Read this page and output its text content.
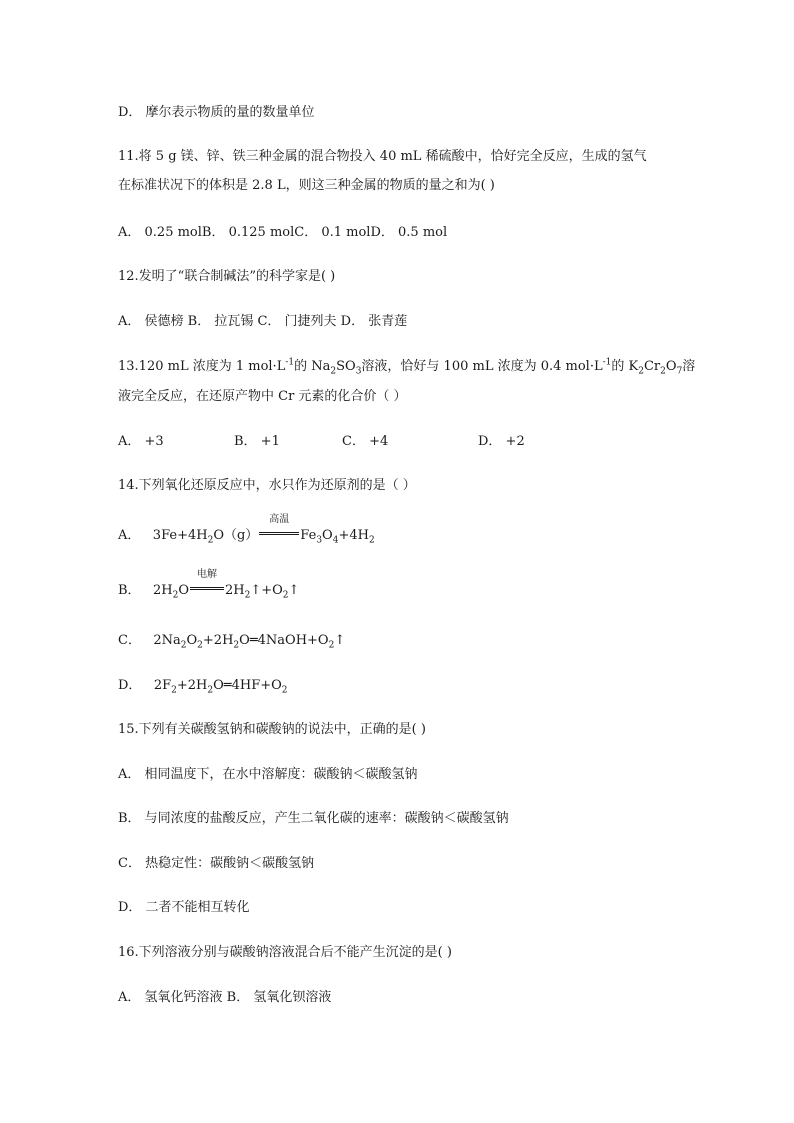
D． 摩尔表示物质的量的数量单位
11.将 5 g 镁、锌、铁三种金属的混合物投入 40 mL 稀硫酸中，恰好完全反应，生成的氢气
在标准状况下的体积是 2.8 L，则这三种金属的物质的量之和为( )
A． 0.25 molB． 0.125 molC． 0.1 molD． 0.5 mol
12.发明了“联合制碱法”的科学家是( )
A． 侯德榜 B． 拉瓦锡 C． 门捷列夫 D． 张青莲
13.120 mL 浓度为 1 $mol\cdot L^{-1}$的 $Na_2SO_3$溶液，恰好与 100 mL 浓度为 0.4 $mol\cdot L^{-1}$的 $K_2Cr_2O_7$溶
液完全反应，在还原产物中 Cr 元素的化合价（ ）
A． +3	B． +1	C． +4	D． +2
14.下列氧化还原反应中，水只作为还原剂的是（ ）
A． $3Fe+4H_2O(g)$
高温
$Fe_3O_4+4H_2$
B． $2H_2O$
电解
$2H_2↑+O_2↑$
C． $2Na_2O_2+2H_2O═4NaOH+O_2↑$
D． $2F_2+2H_2O═4HF+O_2$
15.下列有关碳酸氢钠和碳酸钠的说法中，正确的是( )
A． 相同温度下，在水中溶解度：碳酸钠＜碳酸氢钠
B． 与同浓度的盐酸反应，产生二氧化碳的速率：碳酸钠＜碳酸氢钠
C． 热稳定性：碳酸钠＜碳酸氢钠
D． 二者不能相互转化
16.下列溶液分别与碳酸钠溶液混合后不能产生沉淀的是( )
A． 氢氧化钙溶液 B． 氢氧化钡溶液
